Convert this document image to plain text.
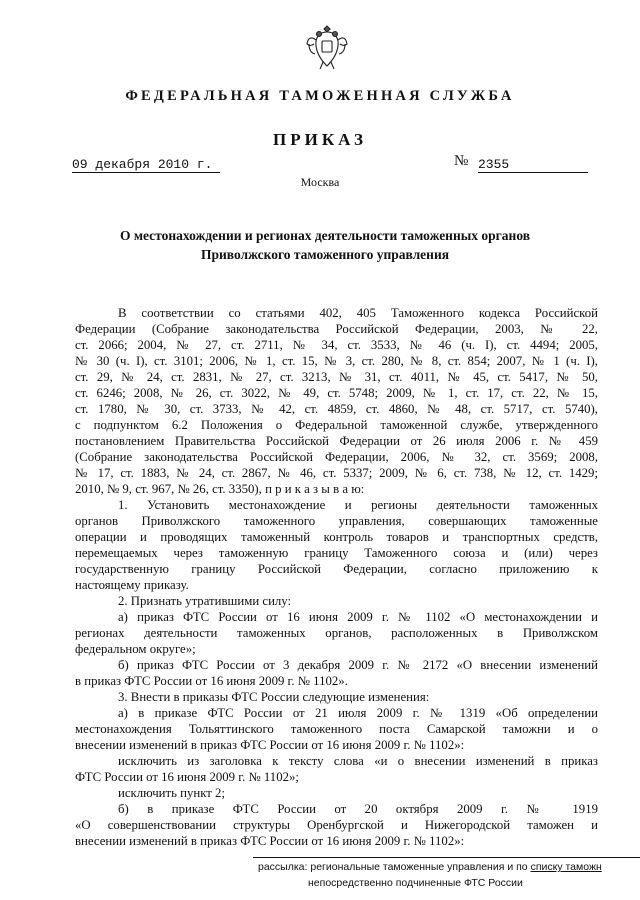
ФЕДЕРАЛЬНАЯ ТАМОЖЕННАЯ СЛУЖБА
ПРИКАЗ
09 декабря 2010 г.	№ 2355
Москва
О местонахождении и регионах деятельности таможенных органов
Приволжского таможенного управления
В соответствии со статьями 402, 405 Таможенного кодекса Российской
Федерации (Собрание законодательства Российской Федерации, 2003, № 22,
ст. 2066; 2004, № 27, ст. 2711, № 34, ст. 3533, № 46 (ч. I), ст. 4494; 2005,
№ 30 (ч. I), ст. 3101; 2006, № 1, ст. 15, № 3, ст. 280, № 8, ст. 854; 2007, № 1 (ч. I),
ст. 29, № 24, ст. 2831, № 27, ст. 3213, № 31, ст. 4011, № 45, ст. 5417, № 50,
ст. 6246; 2008, № 26, ст. 3022, № 49, ст. 5748; 2009, № 1, ст. 17, ст. 22, № 15,
ст. 1780, № 30, ст. 3733, № 42, ст. 4859, ст. 4860, № 48, ст. 5717, ст. 5740),
с подпунктом 6.2 Положения о Федеральной таможенной службе, утвержденного
постановлением Правительства Российской Федерации от 26 июля 2006 г. № 459
(Собрание законодательства Российской Федерации, 2006, № 32, ст. 3569; 2008,
№ 17, ст. 1883, № 24, ст. 2867, № 46, ст. 5337; 2009, № 6, ст. 738, № 12, ст. 1429;
2010, № 9, ст. 967, № 26, ст. 3350), п р и к а з ы в а ю:
1. Установить местонахождение и регионы деятельности таможенных
органов Приволжского таможенного управления, совершающих таможенные
операции и проводящих таможенный контроль товаров и транспортных средств,
перемещаемых через таможенную границу Таможенного союза и (или) через
государственную границу Российской Федерации, согласно приложению к
настоящему приказу.
2. Признать утратившими силу:
а) приказ ФТС России от 16 июня 2009 г. № 1102 «О местонахождении и
регионах деятельности таможенных органов, расположенных в Приволжском
федеральном округе»;
б) приказ ФТС России от 3 декабря 2009 г. № 2172 «О внесении изменений
в приказ ФТС России от 16 июня 2009 г. № 1102».
3. Внести в приказы ФТС России следующие изменения:
а) в приказе ФТС России от 21 июля 2009 г. № 1319 «Об определении
местонахождения Тольяттинского таможенного поста Самарской таможни и о
внесении изменений в приказ ФТС России от 16 июня 2009 г. № 1102»:
исключить из заголовка к тексту слова «и о внесении изменений в приказ
ФТС России от 16 июня 2009 г. № 1102»;
исключить пункт 2;
б) в приказе ФТС России от 20 октября 2009 г. № 1919
«О совершенствовании структуры Оренбургской и Нижегородской таможен и
внесении изменений в приказ ФТС России от 16 июня 2009 г. № 1102»:
рассылка: региональные таможенные управления и по списку таможн
непосредственно подчиненные ФТС России
